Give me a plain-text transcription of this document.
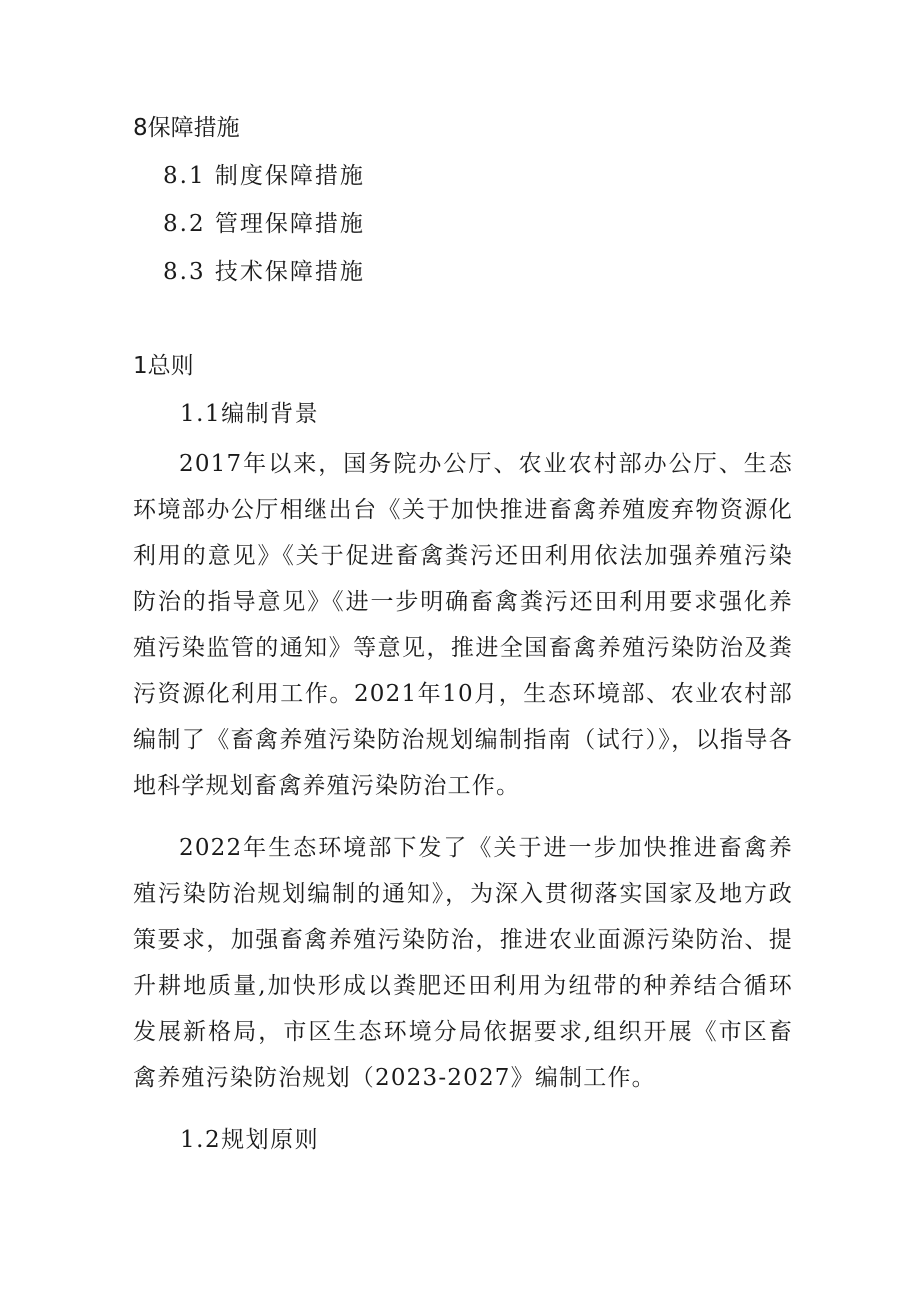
8保障措施
8.1 制度保障措施
8.2 管理保障措施
8.3 技术保障措施
1总则
1.1编制背景
2017年以来，国务院办公厅、农业农村部办公厅、生态环境部办公厅相继出台《关于加快推进畜禽养殖废弃物资源化利用的意见》《关于促进畜禽粪污还田利用依法加强养殖污染防治的指导意见》《进一步明确畜禽粪污还田利用要求强化养殖污染监管的通知》等意见，推进全国畜禽养殖污染防治及粪污资源化利用工作。2021年10月，生态环境部、农业农村部编制了《畜禽养殖污染防治规划编制指南（试行）》，以指导各地科学规划畜禽养殖污染防治工作。
2022年生态环境部下发了《关于进一步加快推进畜禽养殖污染防治规划编制的通知》，为深入贯彻落实国家及地方政策要求，加强畜禽养殖污染防治，推进农业面源污染防治、提升耕地质量,加快形成以粪肥还田利用为纽带的种养结合循环发展新格局，市区生态环境分局依据要求,组织开展《市区畜禽养殖污染防治规划（2023-2027》编制工作。
1.2规划原则
